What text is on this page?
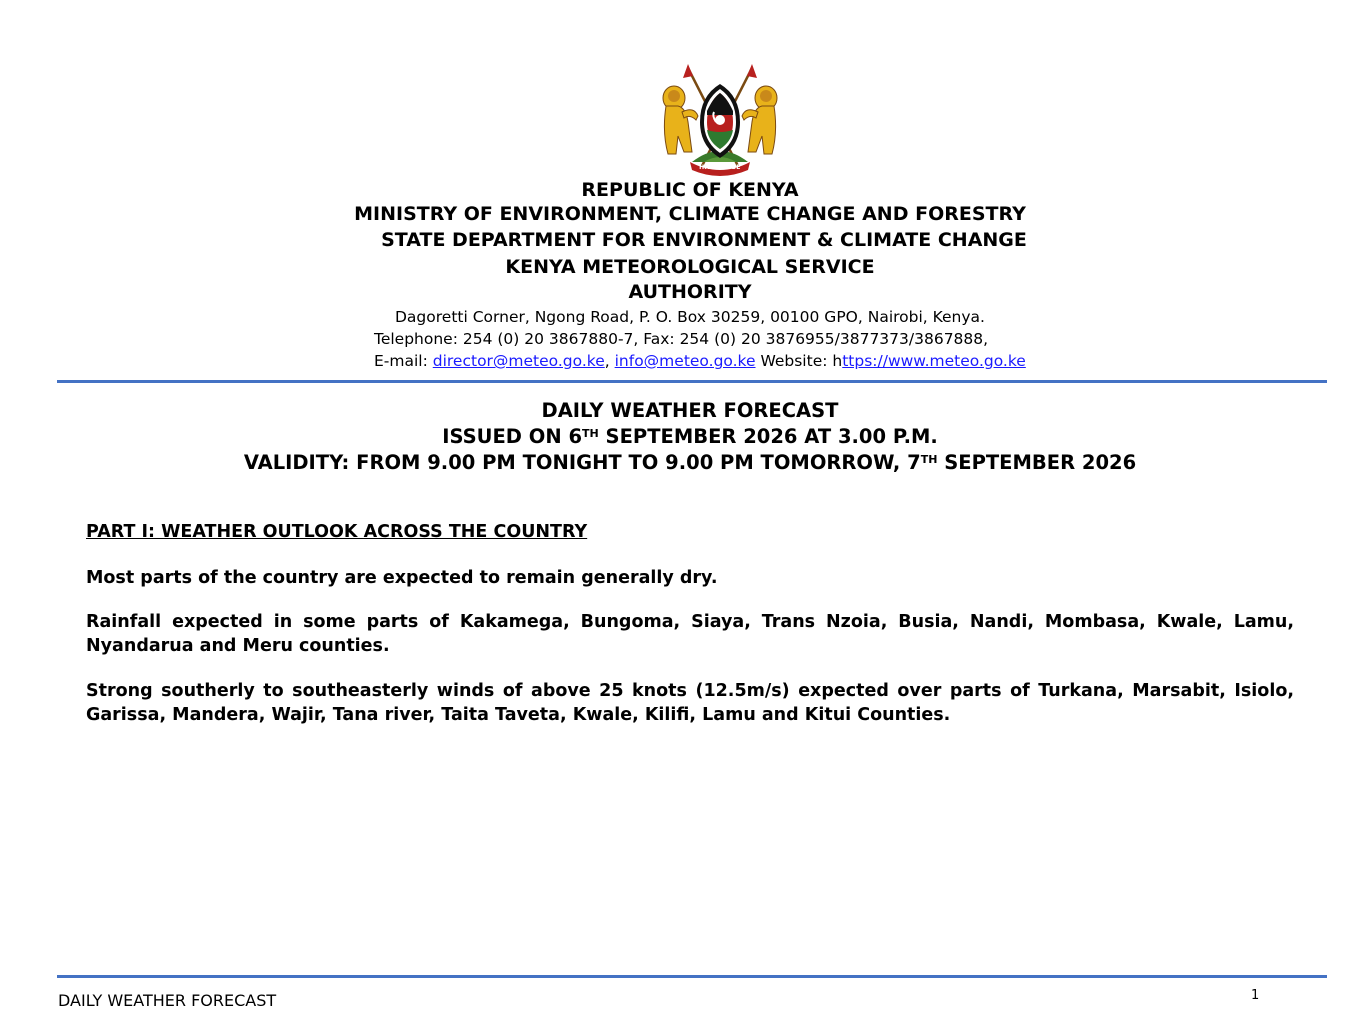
HARAMBEE
REPUBLIC OF KENYA
MINISTRY OF ENVIRONMENT, CLIMATE CHANGE AND FORESTRY
STATE DEPARTMENT FOR ENVIRONMENT & CLIMATE CHANGE
KENYA METEOROLOGICAL SERVICE
AUTHORITY
Dagoretti Corner, Ngong Road, P. O. Box 30259, 00100 GPO, Nairobi, Kenya.
Telephone: 254 (0) 20 3867880-7, Fax: 254 (0) 20 3876955/3877373/3867888,
E-mail: director@meteo.go.ke, info@meteo.go.ke Website: https://www.meteo.go.ke
DAILY WEATHER FORECAST
ISSUED ON 6TH SEPTEMBER 2026 AT 3.00 P.M.
VALIDITY: FROM 9.00 PM TONIGHT TO 9.00 PM TOMORROW, 7TH SEPTEMBER 2026
PART I: WEATHER OUTLOOK ACROSS THE COUNTRY
Most parts of the country are expected to remain generally dry.
Rainfall expected in some parts of Kakamega, Bungoma, Siaya, Trans Nzoia, Busia, Nandi, Mombasa, Kwale, Lamu, Nyandarua and Meru counties.
Strong southerly to southeasterly winds of above 25 knots (12.5m/s) expected over parts of Turkana, Marsabit, Isiolo, Garissa, Mandera, Wajir, Tana river, Taita Taveta, Kwale, Kilifi, Lamu and Kitui Counties.
DAILY WEATHER FORECAST	1
